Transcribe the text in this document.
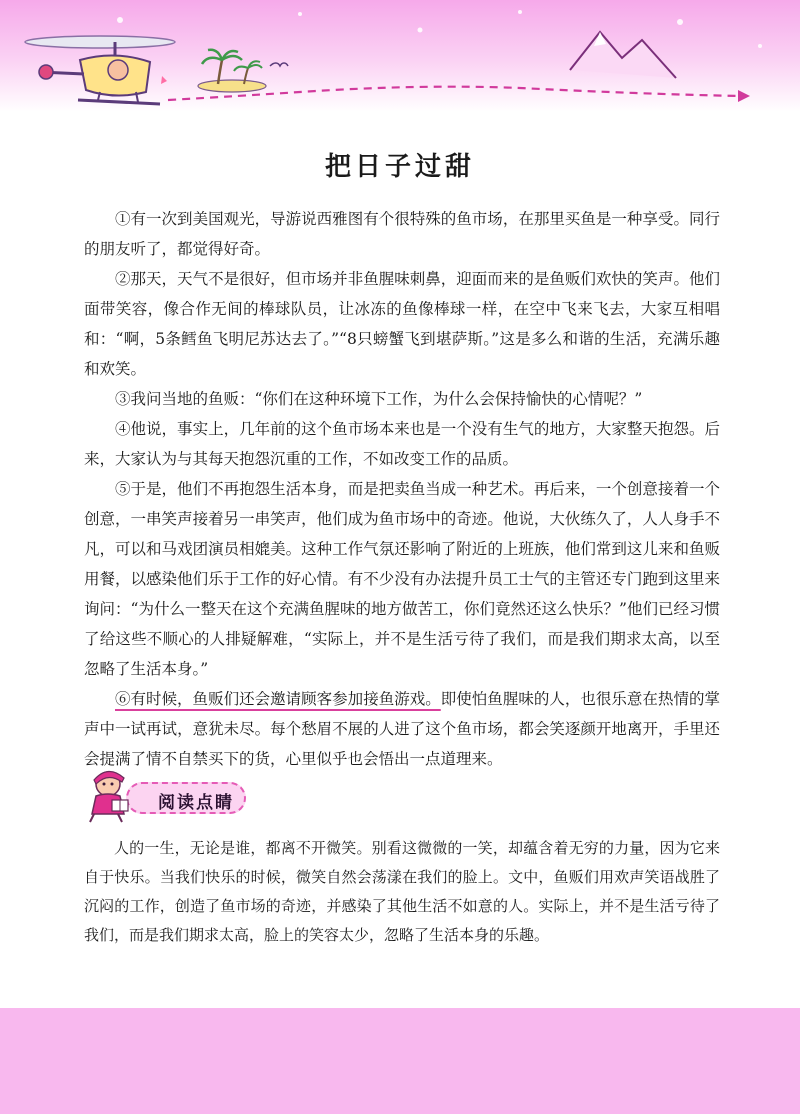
把日子过甜

①有一次到美国观光，导游说西雅图有个很特殊的鱼市场，在那里买鱼是一种享受。同行的朋友听了，都觉得好奇。

②那天，天气不是很好，但市场并非鱼腥味刺鼻，迎面而来的是鱼贩们欢快的笑声。他们面带笑容，像合作无间的棒球队员，让冰冻的鱼像棒球一样，在空中飞来飞去，大家互相唱和：“啊，5条鳕鱼飞明尼苏达去了。”“8只螃蟹飞到堪萨斯。”这是多么和谐的生活，充满乐趣和欢笑。

③我问当地的鱼贩：“你们在这种环境下工作，为什么会保持愉快的心情呢？”

④他说，事实上，几年前的这个鱼市场本来也是一个没有生气的地方，大家整天抱怨。后来，大家认为与其每天抱怨沉重的工作，不如改变工作的品质。

⑤于是，他们不再抱怨生活本身，而是把卖鱼当成一种艺术。再后来，一个创意接着一个创意，一串笑声接着另一串笑声，他们成为鱼市场中的奇迹。他说，大伙练久了，人人身手不凡，可以和马戏团演员相媲美。这种工作气氛还影响了附近的上班族，他们常到这儿来和鱼贩用餐，以感染他们乐于工作的好心情。有不少没有办法提升员工士气的主管还专门跑到这里来询问：“为什么一整天在这个充满鱼腥味的地方做苦工，你们竟然还这么快乐？”他们已经习惯了给这些不顺心的人排疑解难，“实际上，并不是生活亏待了我们，而是我们期求太高，以至忽略了生活本身。”

⑥有时候，鱼贩们还会邀请顾客参加接鱼游戏。即使怕鱼腥味的人，也很乐意在热情的掌声中一试再试，意犹未尽。每个愁眉不展的人进了这个鱼市场，都会笑逐颜开地离开，手里还会提满了情不自禁买下的货，心里似乎也会悟出一点道理来。

阅读点睛

人的一生，无论是谁，都离不开微笑。别看这微微的一笑，却蕴含着无穷的力量，因为它来自于快乐。当我们快乐的时候，微笑自然会荡漾在我们的脸上。文中，鱼贩们用欢声笑语战胜了沉闷的工作，创造了鱼市场的奇迹，并感染了其他生活不如意的人。实际上，并不是生活亏待了我们，而是我们期求太高，脸上的笑容太少，忽略了生活本身的乐趣。
